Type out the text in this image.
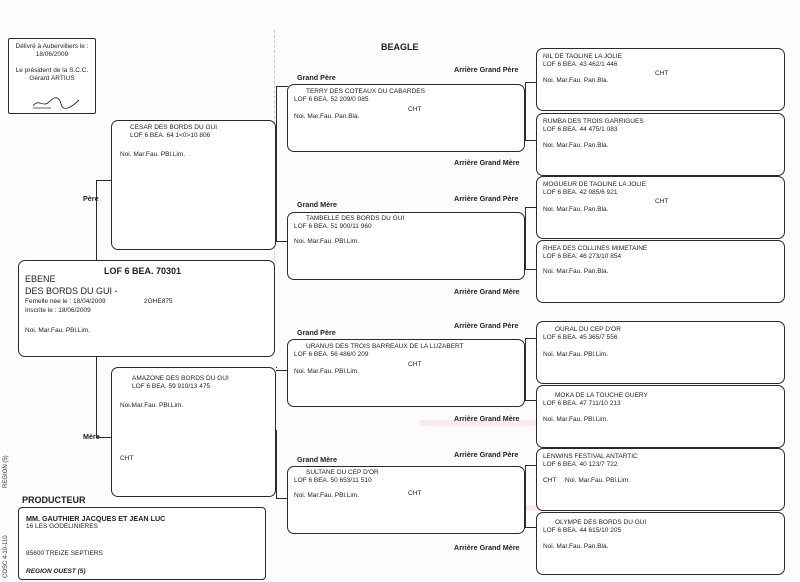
Délivré à Aubervilliers le :
18/06/2009
Le président de la S.C.C.
Gérard ARTIUS
BEAGLE
LOF 6 BEA. 70301
EBENE
DES BORDS DU GUI -
Femelle née le : 18/04/2009	2GHE875
Inscrite le : 18/06/2009
Noi. Mar.Fau. PBl.Lim.
Père
Mère
CESAR DES BORDS DU GUI
LOF 6 BEA. 64 1<0>10 806
Noi. Mar.Fau. PBl.Lim.
AMAZONE DES BORDS DU GUI
LOF 6 BEA. 59 910/13 475
Noi.Mar.Fau. PBl.Lim.
CHT
Grand Père
Grand Mère
Grand Père
Grand Mère
TERRY DES COTEAUX DU CABARDES
LOF 6 BEA. 52 209/0 085
CHT
Noi. Mar.Fau. Pan.Bla.
TAMBELLE DES BORDS DU GUI
LOF 6 BEA. 51 900/11 960
Noi. Mar.Fau. PBl.Lim.
URANUS DES TROIS BARREAUX DE LA LUZABERT
LOF 6 BEA. 56 486/0 209
CHT
Noi. Mar.Fau. PBl.Lim.
SULTANE DU CEP D'OR
LOF 6 BEA. 50 653/11 510
CHT
Noi. Mar.Fau. PBl.Lim.
Arrière Grand Père
Arrière Grand Mère
Arrière Grand Père
Arrière Grand Mère
Arrière Grand Père
Arrière Grand Mère
Arrière Grand Père
Arrière Grand Mère
NIL DE TAOLINE LA JOLIE
LOF 6 BEA. 43 462/1 446
CHT
Noi. Mar.Fau. Pan.Bla.
RUMBA DES TROIS GARRIGUES
LOF 6 BEA. 44 475/1 083
Noi. Mar.Fau. Pan.Bla.
MOGUEUR DE TAOLINE LA JOLIE
LOF 6 BEA. 42 085/6 921
CHT
Noi. Mar.Fau. Pan.Bla.
RHEA DES COLLINES MIMETAINE
LOF 6 BEA. 46 273/10 854
Noi. Mar.Fau. Pan.Bla.
OURAL DU CEP D'OR
LOF 6 BEA. 45 365/7 556
Noi. Mar.Fau. PBl.Lim.
MOKA DE LA TOUCHE GUERY
LOF 6 BEA. 47 711/10 213
Noi. Mar.Fau. PBl.Lim.
LENWINS FESTIVAL ANTARTIC
LOF 6 BEA. 40 123/7 722
CHT Noi. Mar.Fau. PBl.Lim.
OLYMPE DES BORDS DU GUI
LOF 6 BEA. 44 615/10 205
Noi. Mar.Fau. Pan.Bla.
PRODUCTEUR
MM. GAUTHIER JACQUES ET JEAN LUC
16 LES GODELINIERES
85600 TREIZE SEPTIERS
REGION OUEST (5)
REGION (5)
COSC 4-10-110
